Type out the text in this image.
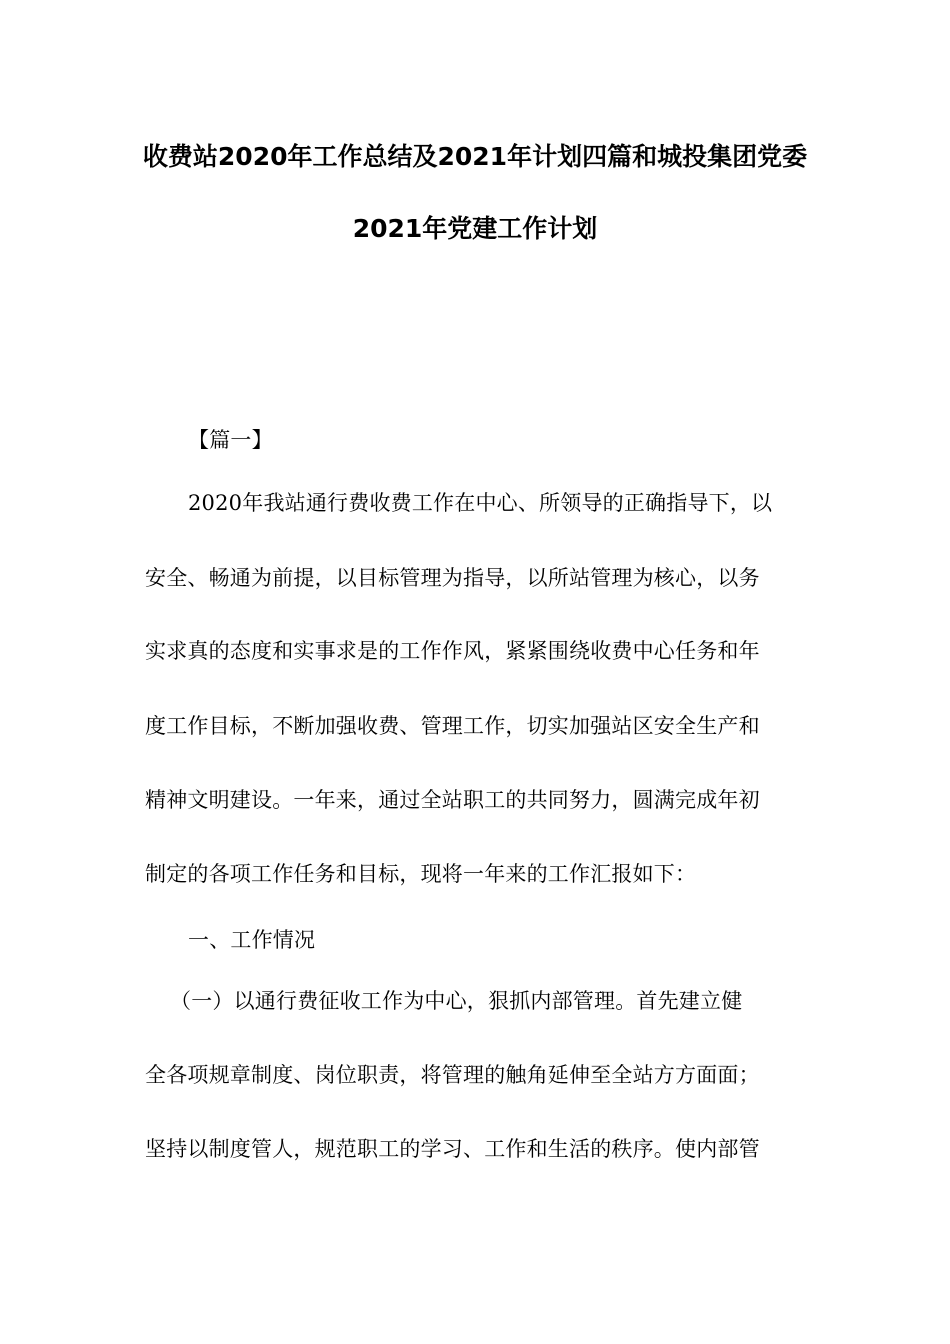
收费站2020年工作总结及2021年计划四篇和城投集团党委
2021年党建工作计划
【篇一】
2020年我站通行费收费工作在中心、所领导的正确指导下，以
安全、畅通为前提，以目标管理为指导，以所站管理为核心，以务
实求真的态度和实事求是的工作作风，紧紧围绕收费中心任务和年
度工作目标，不断加强收费、管理工作，切实加强站区安全生产和
精神文明建设。一年来，通过全站职工的共同努力，圆满完成年初
制定的各项工作任务和目标，现将一年来的工作汇报如下：
一、工作情况
（一）以通行费征收工作为中心，狠抓内部管理。首先建立健
全各项规章制度、岗位职责，将管理的触角延伸至全站方方面面；
坚持以制度管人，规范职工的学习、工作和生活的秩序。使内部管
